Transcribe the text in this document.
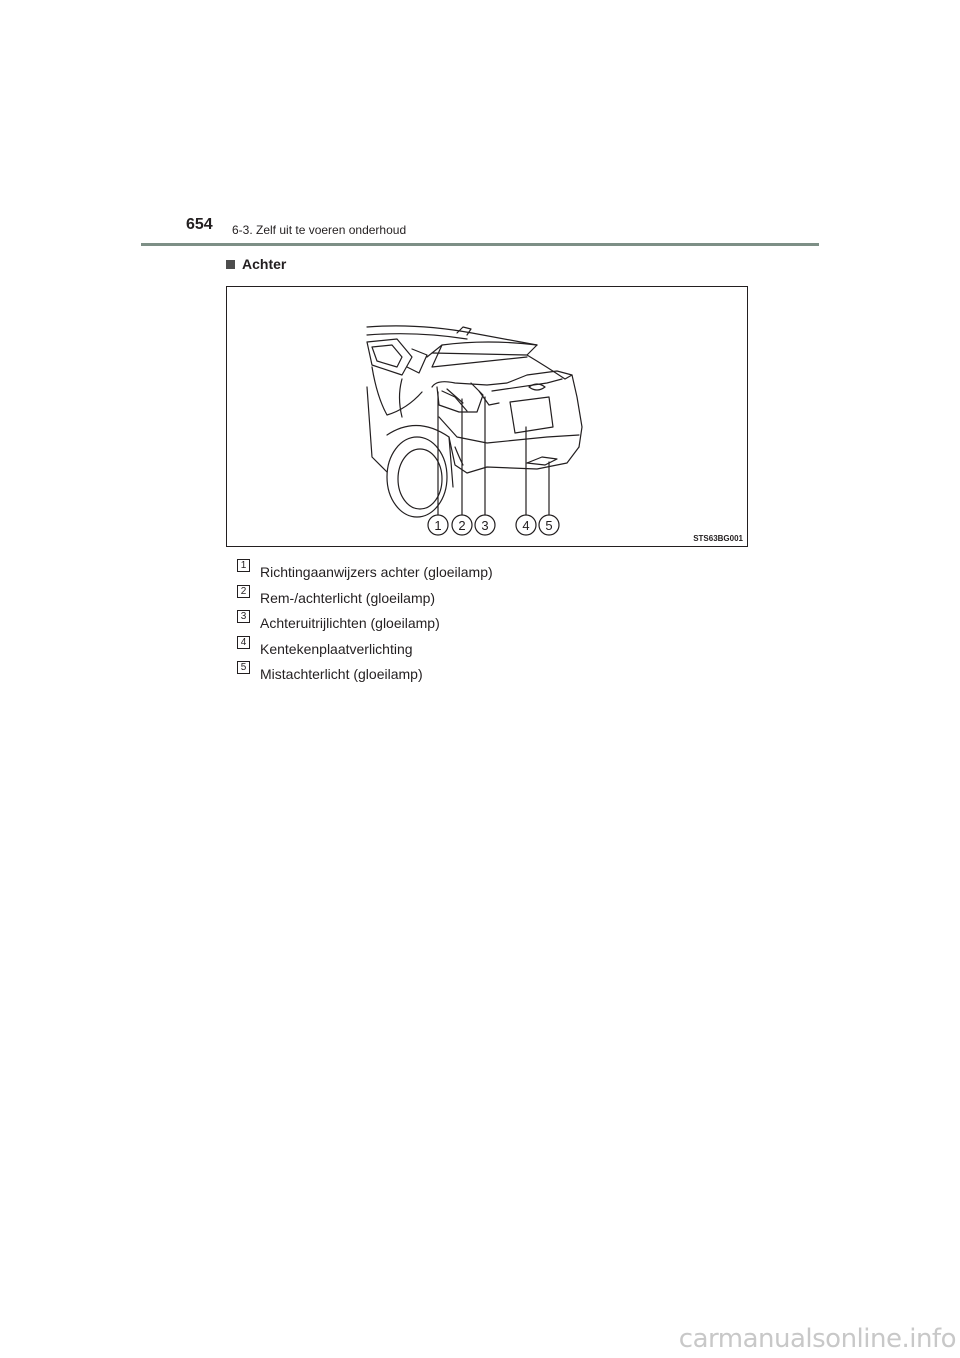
654 6-3. Zelf uit te voeren onderhoud
Achter
1 2 3	4 5
STS63BG001
1 Richtingaanwijzers achter (gloeilamp)
2 Rem-/achterlicht (gloeilamp)
3 Achteruitrijlichten (gloeilamp)
4 Kentekenplaatverlichting
5 Mistachterlicht (gloeilamp)
carmanualsonline.info
